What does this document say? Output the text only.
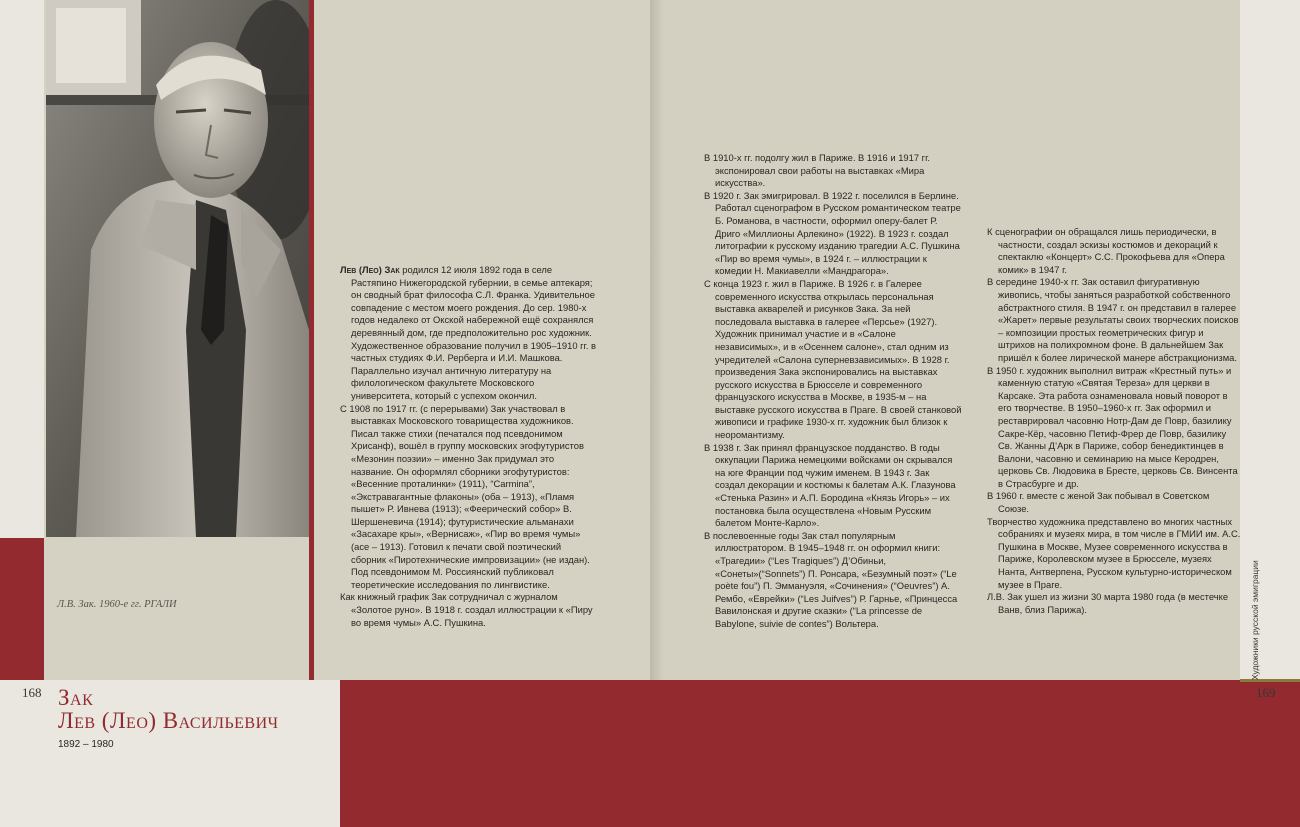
Л.В. Зак. 1960-е гг. РГАЛИ
168	169
Художники русской эмиграции
Зак
Лев (Лео) Васильевич
1892 – 1980

Лев (Лео) Зак родился 12 июля 1892 года в селе Растяпино Нижегородской губернии, в семье аптекаря; он сводный брат философа С.Л. Франка. Удивительное совпадение с местом моего рождения. До сер. 1980-х годов недалеко от Окской набережной ещё сохранялся деревянный дом, где предположительно рос художник. Художественное образование получил в 1905–1910 гг. в частных студиях Ф.И. Рерберга и И.И. Машкова. Параллельно изучал античную литературу на филологическом факультете Московского университета, который с успехом окончил.

С 1908 по 1917 гг. (с перерывами) Зак участвовал в выставках Московского товарищества художников. Писал также стихи (печатался под псевдонимом Хрисанф), вошёл в группу московских эгофутуристов «Мезонин поэзии» – именно Зак придумал это название. Он оформлял сборники эгофутуристов: «Весенние проталинки» (1911), “Carmina”, «Экстравагантные флаконы» (оба – 1913), «Пламя пышет» Р. Ивнева (1913); «Феерический собор» В. Шершеневича (1914); футуристические альманахи «Засахаре кры», «Вернисаж», «Пир во время чумы» (асе – 1913). Готовил к печати свой поэтический сборник «Пиротехнические импровизации» (не издан). Под псевдонимом М. Россиянский публиковал теоретические исследования по лингвистике.

Как книжный график Зак сотрудничал с журналом «Золотое руно». В 1918 г. создал иллюстрации к «Пиру во время чумы» А.С. Пушкина.

В 1910-х гг. подолгу жил в Париже. В 1916 и 1917 гг. экспонировал свои работы на выставках «Мира искусства».

В 1920 г. Зак эмигрировал. В 1922 г. поселился в Берлине. Работал сценографом в Русском романтическом театре Б. Романова, в частности, оформил оперу-балет Р. Дриго «Миллионы Арлекино» (1922). В 1923 г. создал литографии к русскому изданию трагедии А.С. Пушкина «Пир во время чумы», в 1924 г. – иллюстрации к комедии Н. Макиавелли «Мандрагора».

С конца 1923 г. жил в Париже. В 1926 г. в Галерее современного искусства открылась персональная выставка акварелей и рисунков Зака. За ней последовала выставка в галерее «Персье» (1927). Художник принимал участие и в «Салоне независимых», и в «Осеннем салоне», стал одним из учредителей «Салона суперневзависимых». В 1928 г. произведения Зака экспонировались на выставках русского искусства в Брюсселе и современного французского искусства в Москве, в 1935-м – на выставке русского искусства в Праге. В своей станковой живописи и графике 1930-х гг. художник был близок к неоромантизму.

В 1938 г. Зак принял французское подданство. В годы оккупации Парижа немецкими войсками он скрывался на юге Франции под чужим именем. В 1943 г. Зак создал декорации и костюмы к балетам А.К. Глазунова «Стенька Разин» и А.П. Бородина «Князь Игорь» – их постановка была осуществлена «Новым Русским балетом Монте-Карло».

В послевоенные годы Зак стал популярным иллюстратором. В 1945–1948 гг. он оформил книги: «Трагедии» (“Les Tragiques”) Д’Обиньи, «Сонеты»(“Sonnets”) П. Ронсара, «Безумный поэт» (“Le poète fou”) П. Эммануэля, «Сочинения» (“Oeuvres”) А. Рембо, «Еврейки» (“Les Juifves”) Р. Гарнье, «Принцесса Вавилонская и другие сказки» (“La princesse de Babylone, suivie de contes”) Вольтера.

К сценографии он обращался лишь периодически, в частности, создал эскизы костюмов и декораций к спектаклю «Концерт» С.С. Прокофьева для «Опера комик» в 1947 г.

В середине 1940-х гг. Зак оставил фигуративную живопись, чтобы заняться разработкой собственного абстрактного стиля. В 1947 г. он представил в галерее «Жарет» первые результаты своих творческих поисков – композиции простых геометрических фигур и штрихов на полихромном фоне. В дальнейшем Зак пришёл к более лирической манере абстракционизма.

В 1950 г. художник выполнил витраж «Крестный путь» и каменную статую «Святая Тереза» для церкви в Карсаке. Эта работа ознаменовала новый поворот в его творчестве. В 1950–1960-х гг. Зак оформил и реставрировал часовню Нотр-Дам де Повр, базилику Сакре-Кёр, часовню Петиф-Фрер де Повр, базилику Св. Жанны Д’Арк в Париже, собор бенедиктинцев в Валони, часовню и семинарию на мысе Керодрен, церковь Св. Людовика в Бресте, церковь Св. Винсента в Страсбурге и др.

В 1960 г. вместе с женой Зак побывал в Советском Союзе.

Творчество художника представлено во многих частных собраниях и музеях мира, в том числе в ГМИИ им. А.С. Пушкина в Москве, Музее современного искусства в Париже, Королевском музее в Брюсселе, музеях Нанта, Антверпена, Русском культурно-историческом музее в Праге.

Л.В. Зак ушел из жизни 30 марта 1980 года (в местечке Ванв, близ Парижа).
